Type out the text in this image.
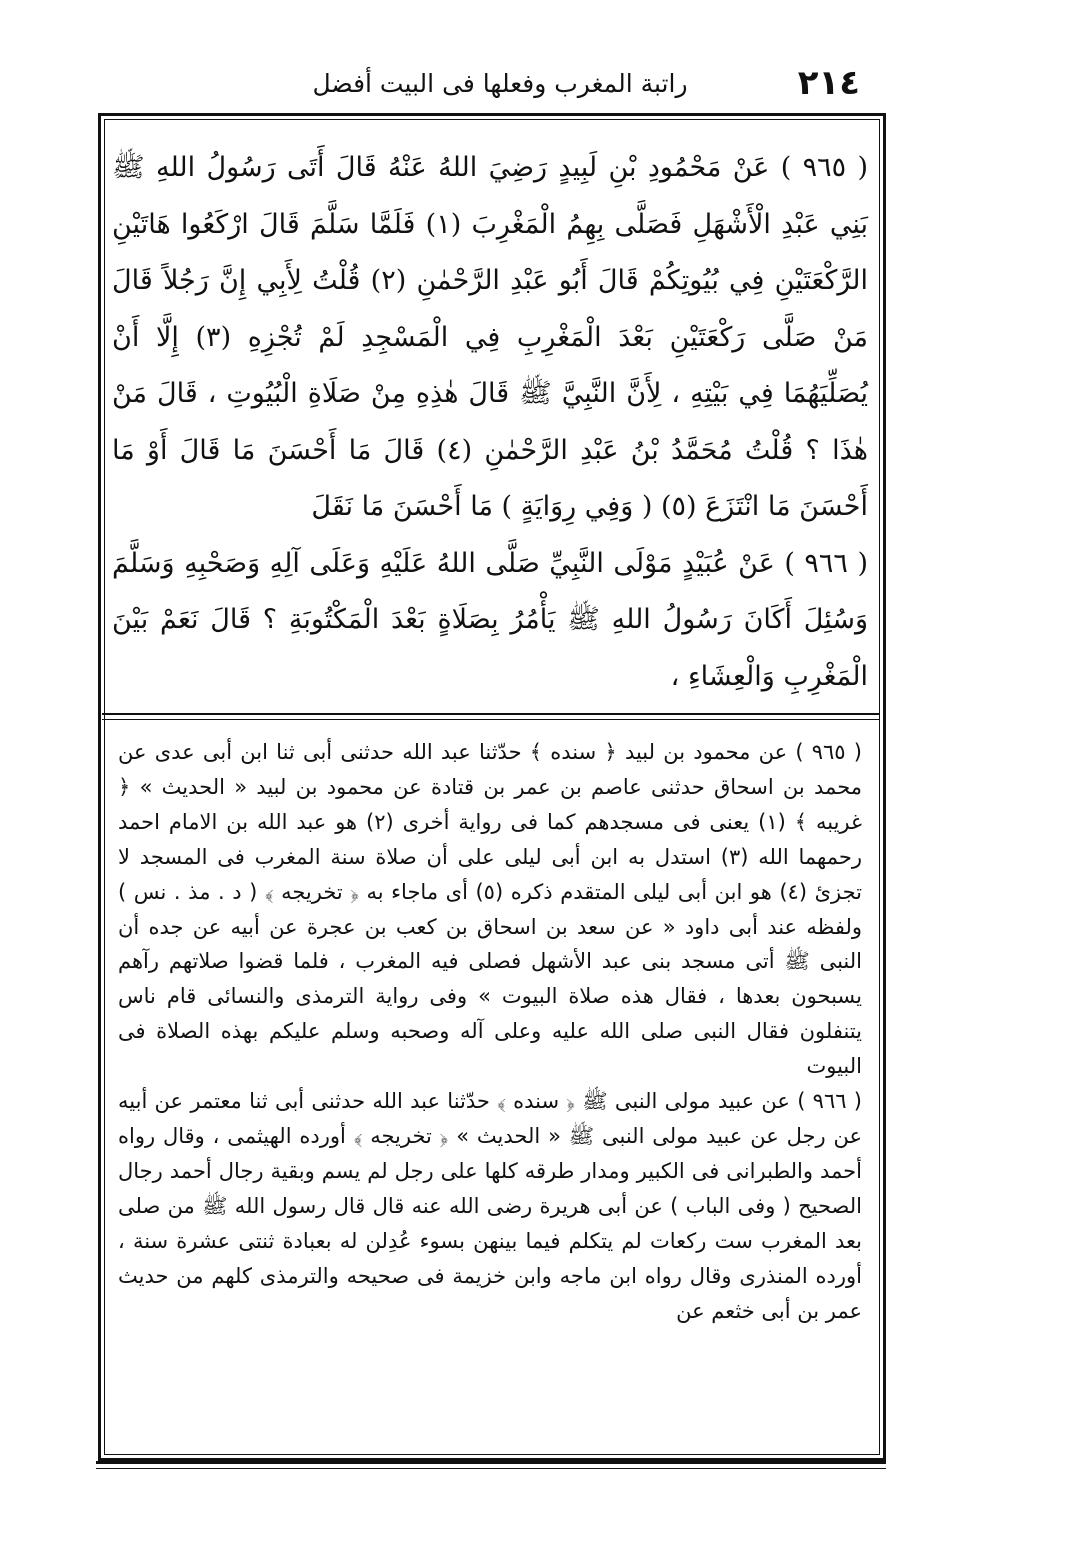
٢١٤
راتبة المغرب وفعلها فى البيت أفضل

( ٩٦٥ ) عَنْ مَحْمُودِ بْنِ لَبِيدٍ رَضِيَ اللهُ عَنْهُ قَالَ أَتَى رَسُولُ اللهِ ﷺ بَنِي عَبْدِ الْأَشْهَلِ فَصَلَّى بِهِمُ الْمَغْرِبَ (١) فَلَمَّا سَلَّمَ قَالَ ارْكَعُوا هَاتَيْنِ الرَّكْعَتَيْنِ فِي بُيُوتِكُمْ قَالَ أَبُو عَبْدِ الرَّحْمٰنِ (٢) قُلْتُ لِأَبِي إِنَّ رَجُلاً قَالَ مَنْ صَلَّى رَكْعَتَيْنِ بَعْدَ الْمَغْرِبِ فِي الْمَسْجِدِ لَمْ تُجْزِهِ (٣) إِلَّا أَنْ يُصَلِّيَهُمَا فِي بَيْتِهِ ، لِأَنَّ النَّبِيَّ ﷺ قَالَ هٰذِهِ مِنْ صَلَاةِ الْبُيُوتِ ، قَالَ مَنْ هٰذَا ؟ قُلْتُ مُحَمَّدُ بْنُ عَبْدِ الرَّحْمٰنِ (٤) قَالَ مَا أَحْسَنَ مَا قَالَ أَوْ مَا أَحْسَنَ مَا انْتَزَعَ (٥) ( وَفِي رِوَايَةٍ ) مَا أَحْسَنَ مَا نَقَلَ

( ٩٦٦ ) عَنْ عُبَيْدٍ مَوْلَى النَّبِيِّ صَلَّى اللهُ عَلَيْهِ وَعَلَى آلِهِ وَصَحْبِهِ وَسَلَّمَ وَسُئِلَ أَكَانَ رَسُولُ اللهِ ﷺ يَأْمُرُ بِصَلَاةٍ بَعْدَ الْمَكْتُوبَةِ ؟ قَالَ نَعَمْ بَيْنَ الْمَغْرِبِ وَالْعِشَاءِ ،

( ٩٦٥ ) عن محمود بن لبيد ﴿ سنده ﴾ حدّثنا عبد الله حدثنى أبى ثنا ابن أبى عدى عن محمد بن اسحاق حدثنى عاصم بن عمر بن قتادة عن محمود بن لبيد « الحديث » ﴿ غريبه ﴾ (١) يعنى فى مسجدهم كما فى رواية أخرى (٢) هو عبد الله بن الامام احمد رحمهما الله (٣) استدل به ابن أبى ليلى على أن صلاة سنة المغرب فى المسجد لا تجزئ (٤) هو ابن أبى ليلى المتقدم ذكره (٥) أى ماجاء به ﴿ تخريجه ﴾ ( د . مذ . نس ) ولفظه عند أبى داود « عن سعد بن اسحاق بن كعب بن عجرة عن أبيه عن جده أن النبى ﷺ أتى مسجد بنى عبد الأشهل فصلى فيه المغرب ، فلما قضوا صلاتهم رآهم يسبحون بعدها ، فقال هذه صلاة البيوت » وفى رواية الترمذى والنسائى قام ناس يتنفلون فقال النبى صلى الله عليه وعلى آله وصحبه وسلم عليكم بهذه الصلاة فى البيوت

( ٩٦٦ ) عن عبيد مولى النبى ﷺ ﴿ سنده ﴾ حدّثنا عبد الله حدثنى أبى ثنا معتمر عن أبيه عن رجل عن عبيد مولى النبى ﷺ « الحديث » ﴿ تخريجه ﴾ أورده الهيثمى ، وقال رواه أحمد والطبرانى فى الكبير ومدار طرقه كلها على رجل لم يسم وبقية رجال أحمد رجال الصحيح ( وفى الباب ) عن أبى هريرة رضى الله عنه قال قال رسول الله ﷺ من صلى بعد المغرب ست ركعات لم يتكلم فيما بينهن بسوء عُدِلن له بعبادة ثنتى عشرة سنة ، أورده المنذرى وقال رواه ابن ماجه وابن خزيمة فى صحيحه والترمذى كلهم من حديث عمر بن أبى خثعم عن
